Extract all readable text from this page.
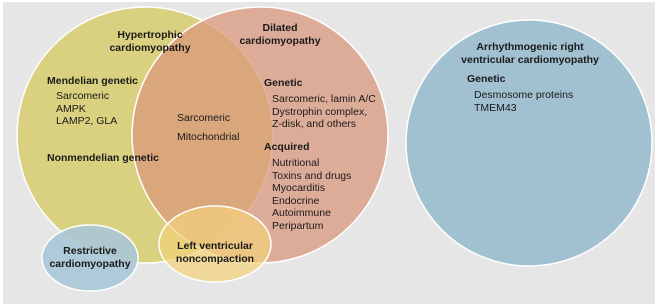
Hypertrophic

cardiomyopathy

Mendelian genetic

Sarcomeric
AMPK
LAMP2, GLA

Nonmendelian genetic

Sarcomeric
Mitochondrial

Dilated

cardiomyopathy

Genetic

Sarcomeric, lamin A/C
Dystrophin complex,
Z-disk, and others

Acquired

Nutritional
Toxins and drugs
Myocarditis
Endocrine
Autoimmune
Peripartum

Arrhythmogenic right

ventricular cardiomyopathy

Genetic

Desmosome proteins
TMEM43

Restrictive

cardiomyopathy

Left ventricular

noncompaction
